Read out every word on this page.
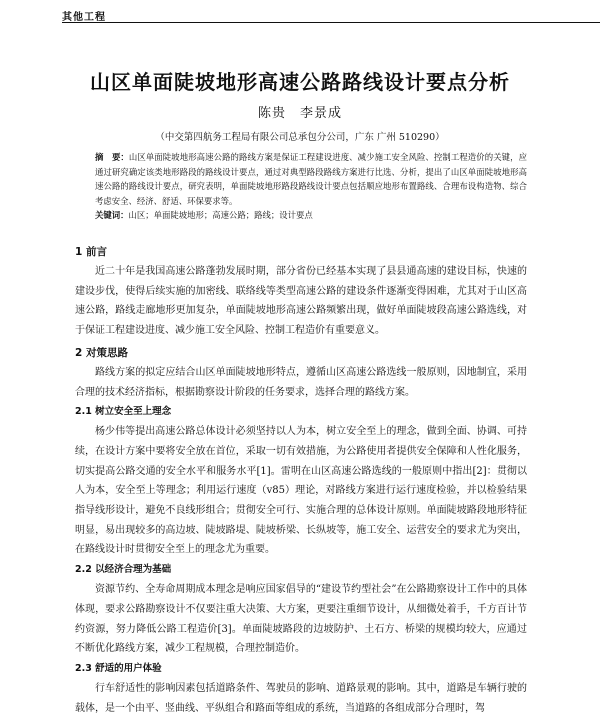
其他工程
山区单面陡坡地形高速公路路线设计要点分析
陈贵　李景成
（中交第四航务工程局有限公司总承包分公司，广东 广州 510290）
摘　要：山区单面陡坡地形高速公路的路线方案是保证工程建设进度、减少施工安全风险、控制工程造价的关键，应通过研究确定该类地形路段的路线设计要点，通过对典型路段路线方案进行比选、分析，提出了山区单面陡坡地形高速公路的路线设计要点，研究表明，单面陡坡地形路段路线设计要点包括顺应地形布置路线、合理布设构造物、综合考虑安全、经济、舒适、环保要求等。
关键词：山区；单面陡坡地形；高速公路；路线；设计要点
1 前言

近二十年是我国高速公路蓬勃发展时期，部分省份已经基本实现了县县通高速的建设目标，快速的建设步伐，使得后续实施的加密线、联络线等类型高速公路的建设条件逐渐变得困难，尤其对于山区高速公路，路线走廊地形更加复杂，单面陡坡地形高速公路频繁出现，做好单面陡坡段高速公路选线，对于保证工程建设进度、减少施工安全风险、控制工程造价有重要意义。

2 对策思路

路线方案的拟定应结合山区单面陡坡地形特点，遵循山区高速公路选线一般原则，因地制宜，采用合理的技术经济指标，根据勘察设计阶段的任务要求，选择合理的路线方案。

2.1 树立安全至上理念

杨少伟等提出高速公路总体设计必须坚持以人为本，树立安全至上的理念，做到全面、协调、可持续，在设计方案中要将安全放在首位，采取一切有效措施，为公路使用者提供安全保障和人性化服务，切实提高公路交通的安全水平和服务水平[1]。雷明在山区高速公路选线的一般原则中指出[2]：贯彻以人为本，安全至上等理念；利用运行速度（v85）理论，对路线方案进行运行速度检验，并以检验结果指导线形设计，避免不良线形组合；贯彻安全可行、实施合理的总体设计原则。单面陡坡路段地形特征明显，易出现较多的高边坡、陡坡路堤、陡坡桥梁、长纵坡等，施工安全、运营安全的要求尤为突出，在路线设计时贯彻安全至上的理念尤为重要。

2.2 以经济合理为基础

资源节约、全寿命周期成本理念是响应国家倡导的“建设节约型社会”在公路勘察设计工作中的具体体现，要求公路勘察设计不仅要注重大决策、大方案，更要注重细节设计，从细微处着手，千方百计节约资源，努力降低公路工程造价[3]。单面陡坡路段的边坡防护、土石方、桥梁的规模均较大，应通过不断优化路线方案，减少工程规模，合理控制造价。

2.3 舒适的用户体验

行车舒适性的影响因素包括道路条件、驾驶员的影响、道路景观的影响。其中，道路是车辆行驶的载体，是一个由平、竖曲线、平纵组合和路面等组成的系统，当道路的各组成部分合理时，驾
